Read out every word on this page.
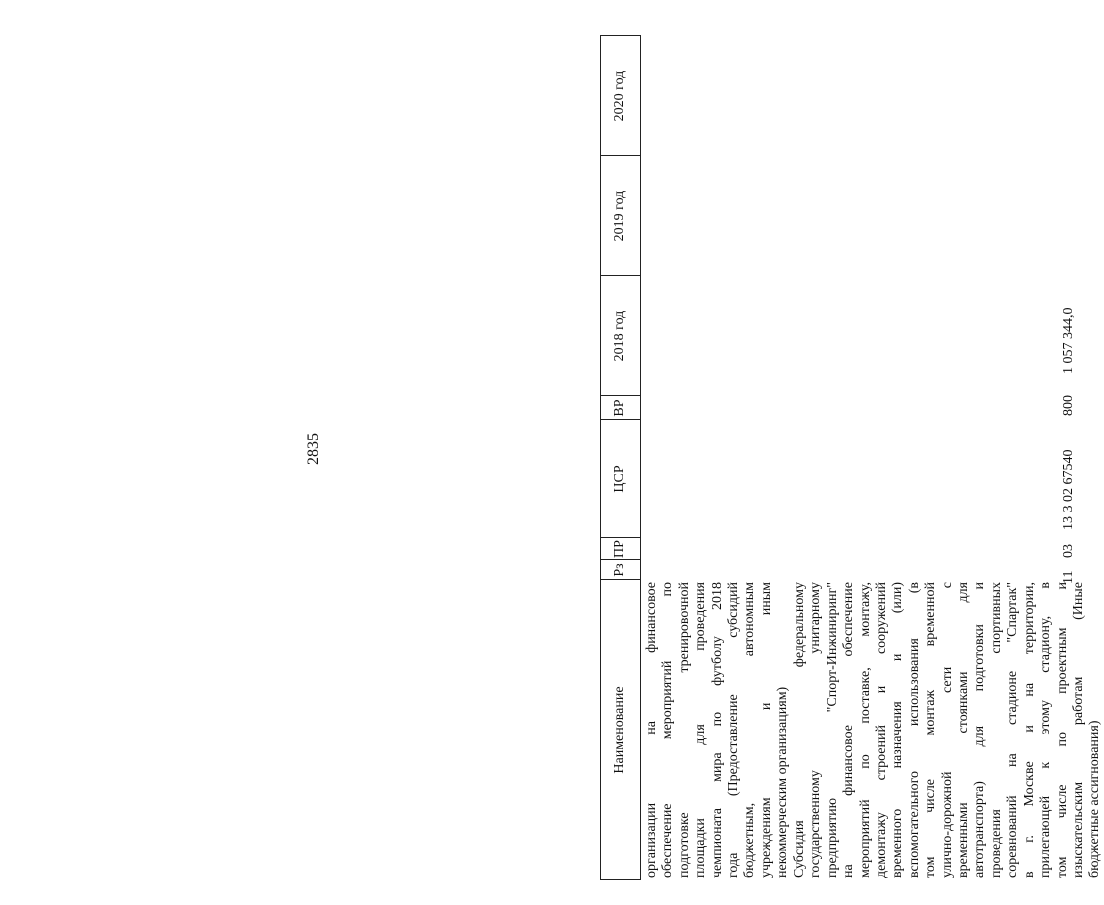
2835
Наименование
Рз
ПР
ЦСР
ВР
2018 год
2019 год
2020 год
организации на финансовое обеспечение мероприятий по подготовке тренировочной площадки для проведения чемпионата мира по футболу 2018 года (Предоставление субсидий бюджетным, автономным учреждениям и иным некоммерческим организациям) Субсидия федеральному государственному унитарному предприятию "Спорт-Инжиниринг" на финансовое обеспечение мероприятий по поставке, монтажу, демонтажу строений и сооружений временного назначения и (или) вспомогательного использования (в том числе монтаж временной улично-дорожной сети с временными стоянками для автотранспорта) для подготовки и проведения спортивных соревнований на стадионе "Спартак" в г. Москве и на территории, прилегающей к этому стадиону, в том числе по проектным и изыскательским работам (Иные бюджетные ассигнования)
11
03
13 3 02 67540
800
1 057 344,0
